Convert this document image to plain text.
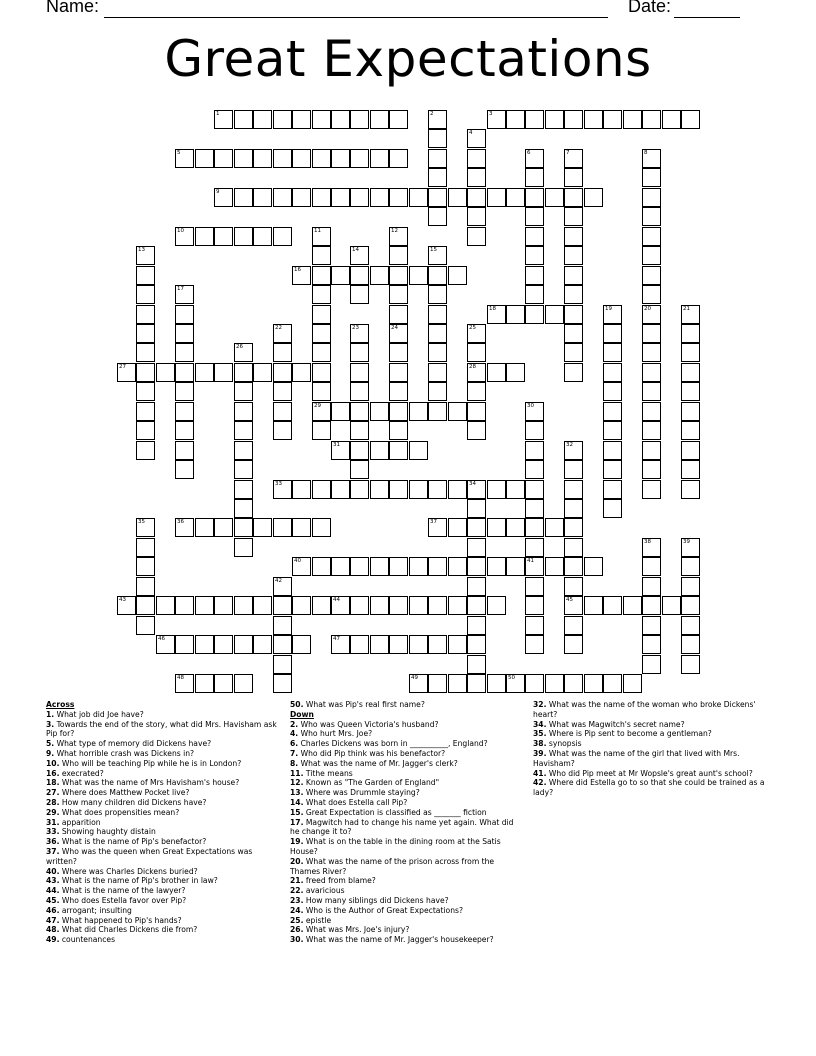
Name:	Date:
Great Expectations
1	2	3
4
5	6	7	8
9
10	11
29
12
13	14	15
16
17
18	19	20	21
22	23	24	25
28
26
27
30
41
31	32
45
33	34
35	36	37
38	39
40
42
43	44
46	47
48	49	50
Across
1. What job did Joe have?
3. Towards the end of the story, what did Mrs. Havisham ask Pip for?
5. What type of memory did Dickens have?
9. What horrible crash was Dickens in?
10. Who will be teaching Pip while he is in London?
16. execrated?
18. What was the name of Mrs Havisham's house?
27. Where does Matthew Pocket live?
28. How many children did Dickens have?
29. What does propensities mean?
31. apparition
33. Showing haughty distain
36. What is the name of Pip's benefactor?
37. Who was the queen when Great Expectations was written?
40. Where was Charles Dickens buried?
43. What is the name of Pip's brother in law?
44. What is the name of the lawyer?
45. Who does Estella favor over Pip?
46. arrogant; insulting
47. What happened to Pip's hands?
48. What did Charles Dickens die from?
49. countenances
50. What was Pip's real first name?
Down
2. Who was Queen Victoria's husband?
4. Who hurt Mrs. Joe?
6. Charles Dickens was born in __________, England?
7. Who did Pip think was his benefactor?
8. What was the name of Mr. Jagger's clerk?
11. Tithe means
12. Known as "The Garden of England"
13. Where was Drummle staying?
14. What does Estella call Pip?
15. Great Expectation is classified as _______ fiction
17. Magwitch had to change his name yet again. What did he change it to?
19. What is on the table in the dining room at the Satis House?
20. What was the name of the prison across from the Thames River?
21. freed from blame?
22. avaricious
23. How many siblings did Dickens have?
24. Who is the Author of Great Expectations?
25. epistle
26. What was Mrs. Joe's injury?
30. What was the name of Mr. Jagger's housekeeper?
32. What was the name of the woman who broke Dickens' heart?
34. What was Magwitch's secret name?
35. Where is Pip sent to become a gentleman?
38. synopsis
39. What was the name of the girl that lived with Mrs. Havisham?
41. Who did Pip meet at Mr Wopsle's great aunt's school?
42. Where did Estella go to so that she could be trained as a lady?
